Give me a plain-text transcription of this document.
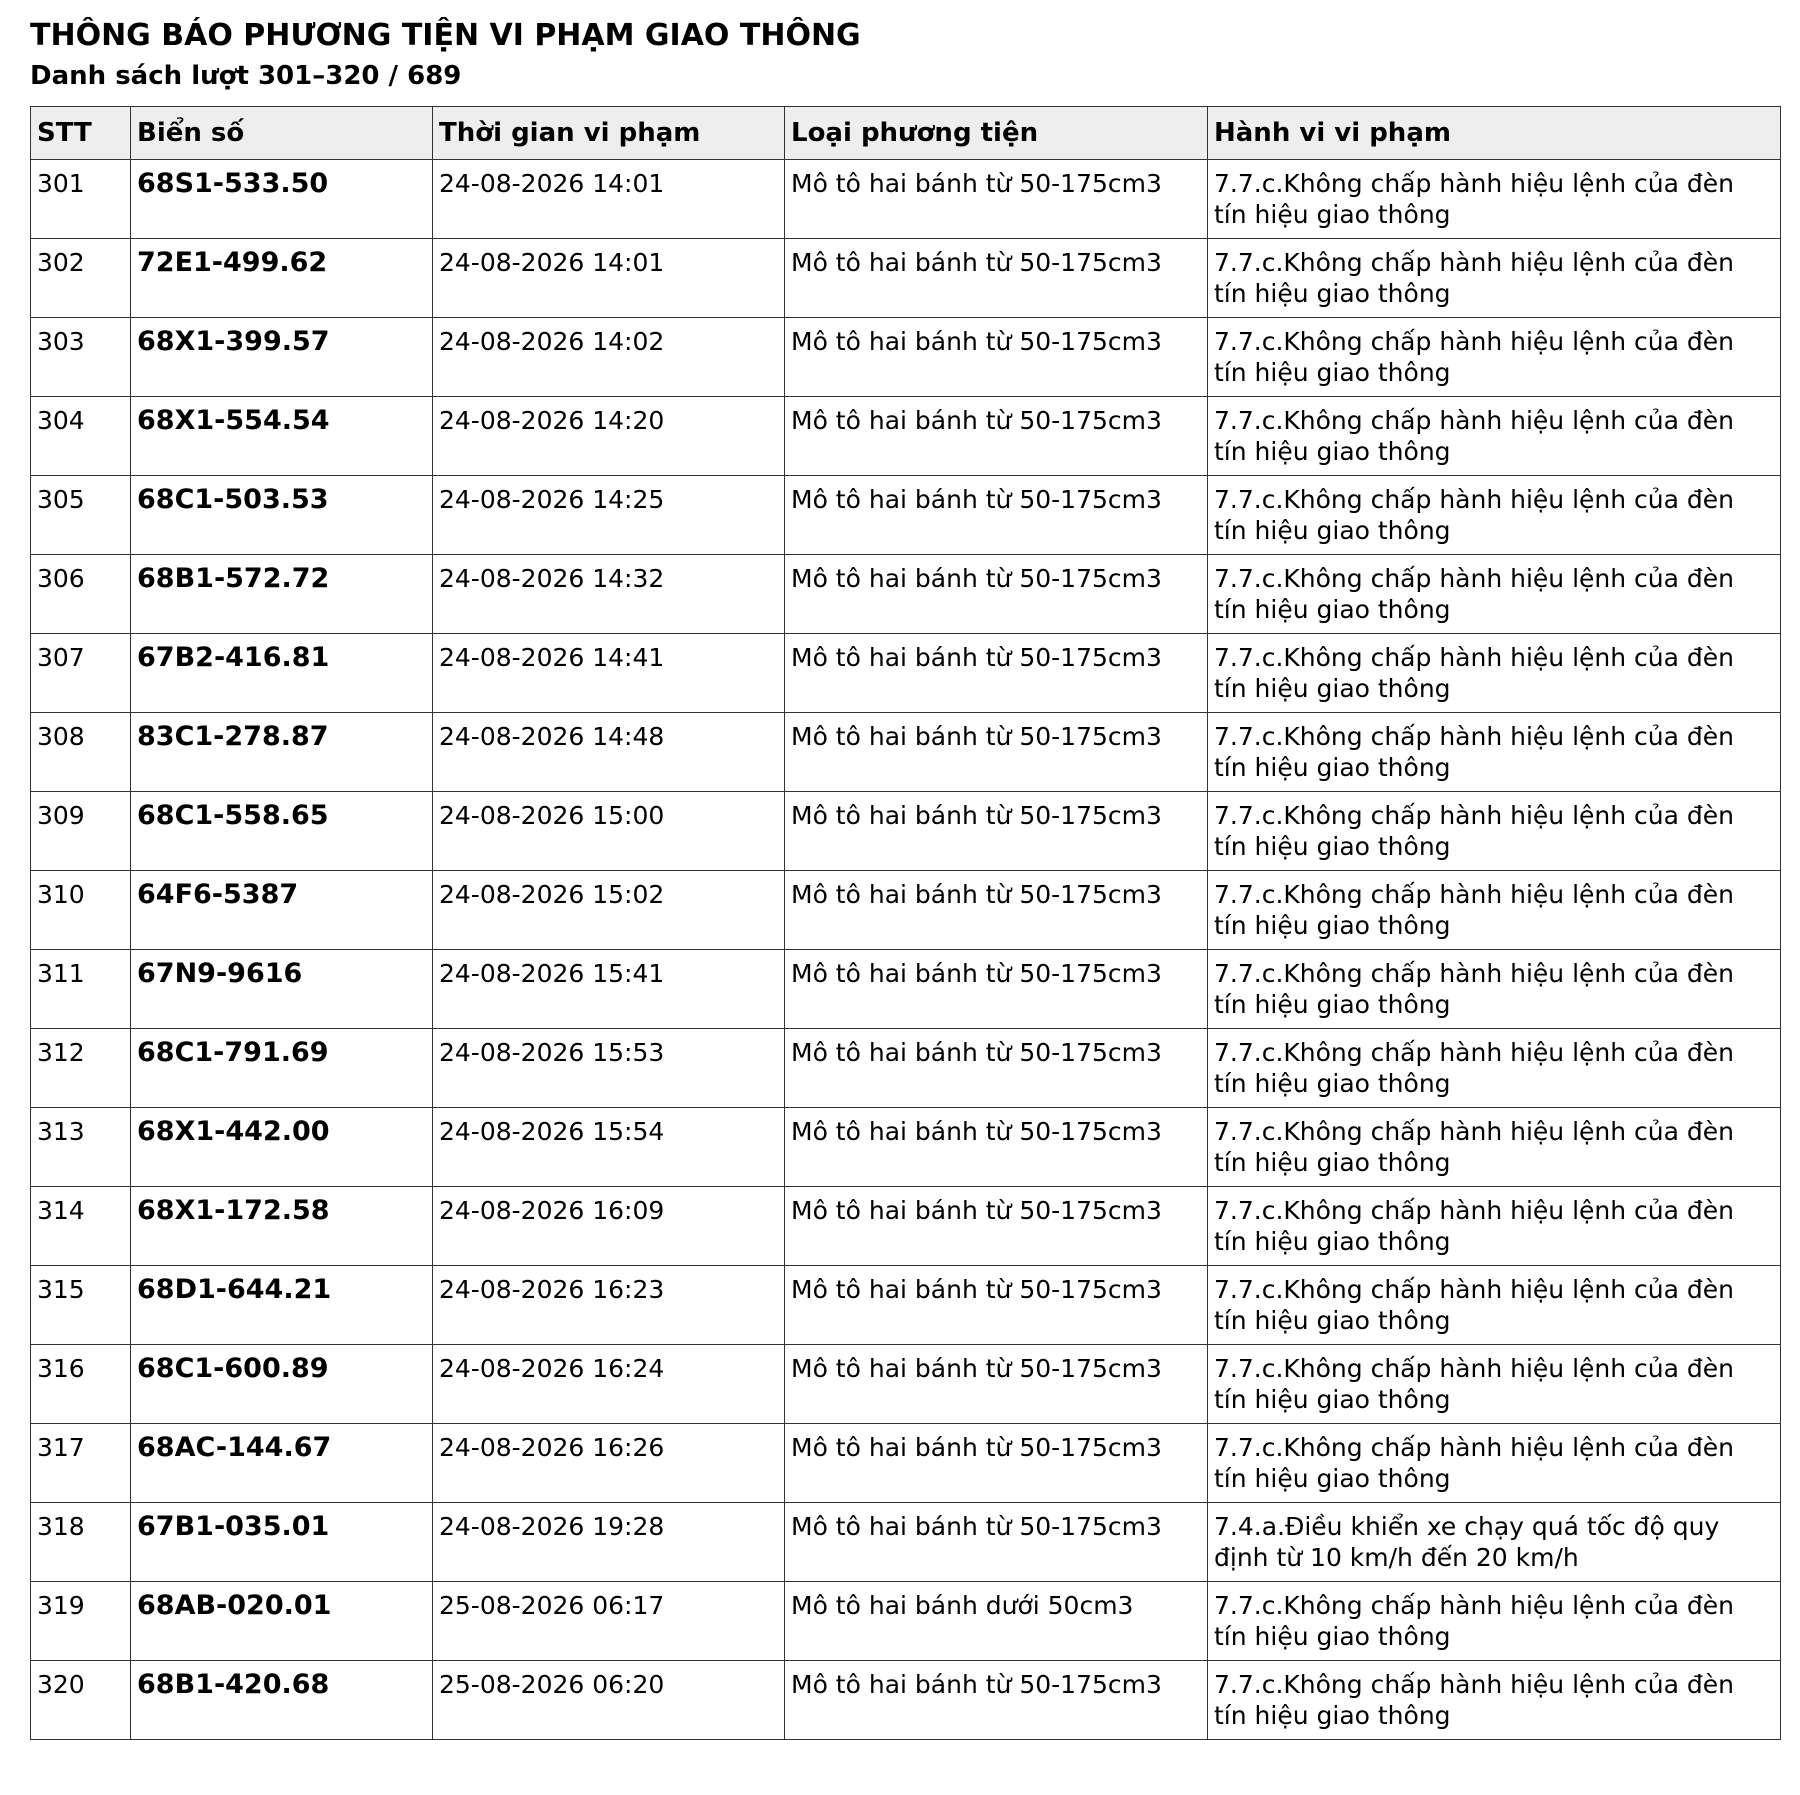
THÔNG BÁO PHƯƠNG TIỆN VI PHẠM GIAO THÔNG
Danh sách lượt 301–320 / 689
STT	Biển số	Thời gian vi phạm	Loại phương tiện	Hành vi vi phạm
301	68S1-533.50	24-08-2026 14:01	Mô tô hai bánh từ 50-175cm3	7.7.c.Không chấp hành hiệu lệnh của đèn tín hiệu giao thông
302	72E1-499.62	24-08-2026 14:01	Mô tô hai bánh từ 50-175cm3	7.7.c.Không chấp hành hiệu lệnh của đèn tín hiệu giao thông
303	68X1-399.57	24-08-2026 14:02	Mô tô hai bánh từ 50-175cm3	7.7.c.Không chấp hành hiệu lệnh của đèn tín hiệu giao thông
304	68X1-554.54	24-08-2026 14:20	Mô tô hai bánh từ 50-175cm3	7.7.c.Không chấp hành hiệu lệnh của đèn tín hiệu giao thông
305	68C1-503.53	24-08-2026 14:25	Mô tô hai bánh từ 50-175cm3	7.7.c.Không chấp hành hiệu lệnh của đèn tín hiệu giao thông
306	68B1-572.72	24-08-2026 14:32	Mô tô hai bánh từ 50-175cm3	7.7.c.Không chấp hành hiệu lệnh của đèn tín hiệu giao thông
307	67B2-416.81	24-08-2026 14:41	Mô tô hai bánh từ 50-175cm3	7.7.c.Không chấp hành hiệu lệnh của đèn tín hiệu giao thông
308	83C1-278.87	24-08-2026 14:48	Mô tô hai bánh từ 50-175cm3	7.7.c.Không chấp hành hiệu lệnh của đèn tín hiệu giao thông
309	68C1-558.65	24-08-2026 15:00	Mô tô hai bánh từ 50-175cm3	7.7.c.Không chấp hành hiệu lệnh của đèn tín hiệu giao thông
310	64F6-5387	24-08-2026 15:02	Mô tô hai bánh từ 50-175cm3	7.7.c.Không chấp hành hiệu lệnh của đèn tín hiệu giao thông
311	67N9-9616	24-08-2026 15:41	Mô tô hai bánh từ 50-175cm3	7.7.c.Không chấp hành hiệu lệnh của đèn tín hiệu giao thông
312	68C1-791.69	24-08-2026 15:53	Mô tô hai bánh từ 50-175cm3	7.7.c.Không chấp hành hiệu lệnh của đèn tín hiệu giao thông
313	68X1-442.00	24-08-2026 15:54	Mô tô hai bánh từ 50-175cm3	7.7.c.Không chấp hành hiệu lệnh của đèn tín hiệu giao thông
314	68X1-172.58	24-08-2026 16:09	Mô tô hai bánh từ 50-175cm3	7.7.c.Không chấp hành hiệu lệnh của đèn tín hiệu giao thông
315	68D1-644.21	24-08-2026 16:23	Mô tô hai bánh từ 50-175cm3	7.7.c.Không chấp hành hiệu lệnh của đèn tín hiệu giao thông
316	68C1-600.89	24-08-2026 16:24	Mô tô hai bánh từ 50-175cm3	7.7.c.Không chấp hành hiệu lệnh của đèn tín hiệu giao thông
317	68AC-144.67	24-08-2026 16:26	Mô tô hai bánh từ 50-175cm3	7.7.c.Không chấp hành hiệu lệnh của đèn tín hiệu giao thông
318	67B1-035.01	24-08-2026 19:28	Mô tô hai bánh từ 50-175cm3	7.4.a.Điều khiển xe chạy quá tốc độ quy định từ 10 km/h đến 20 km/h
319	68AB-020.01	25-08-2026 06:17	Mô tô hai bánh dưới 50cm3	7.7.c.Không chấp hành hiệu lệnh của đèn tín hiệu giao thông
320	68B1-420.68	25-08-2026 06:20	Mô tô hai bánh từ 50-175cm3	7.7.c.Không chấp hành hiệu lệnh của đèn tín hiệu giao thông
